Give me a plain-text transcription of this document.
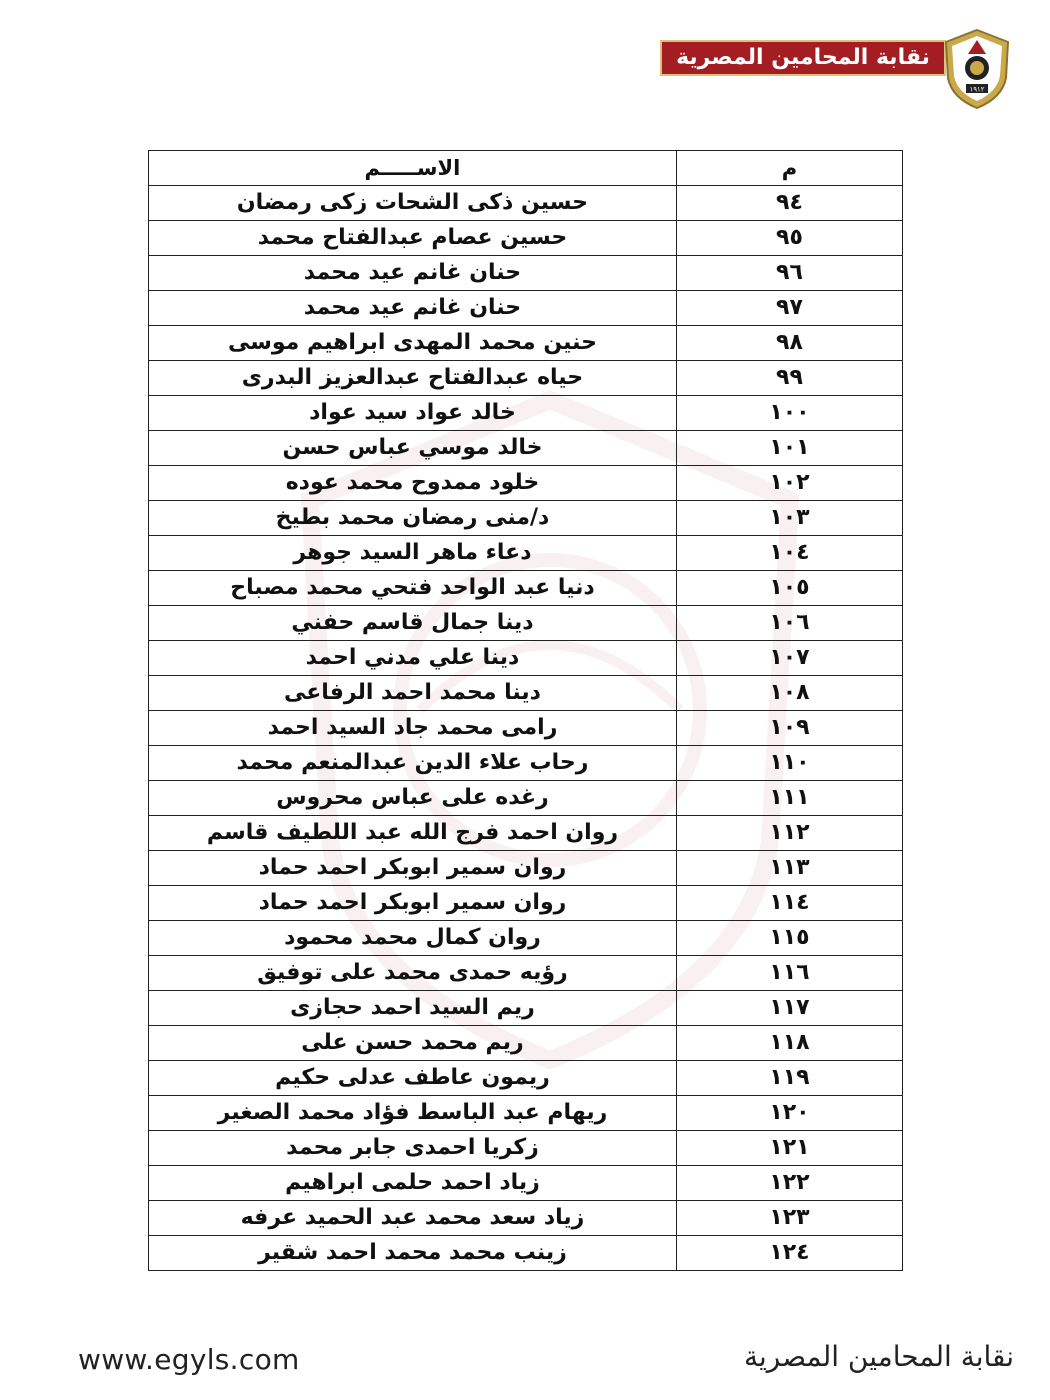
نقابة المحامين المصرية
١٩١٢
م	الاســـــم
٩٤	حسين ذكى الشحات زكى رمضان
٩٥	حسين عصام عبدالفتاح محمد
٩٦	حنان غانم عيد محمد
٩٧	حنان غانم عيد محمد
٩٨	حنين محمد المهدى ابراهيم موسى
٩٩	حياه عبدالفتاح عبدالعزيز البدرى
١٠٠	خالد عواد سيد عواد
١٠١	خالد موسي عباس حسن
١٠٢	خلود ممدوح محمد عوده
١٠٣	د/منى رمضان محمد بطيخ
١٠٤	دعاء ماهر السيد جوهر
١٠٥	دنيا عبد الواحد فتحي محمد مصباح
١٠٦	دينا جمال قاسم حفني
١٠٧	دينا علي مدني احمد
١٠٨	دينا محمد احمد الرفاعى
١٠٩	رامى محمد جاد السيد احمد
١١٠	رحاب علاء الدين عبدالمنعم محمد
١١١	رغده على عباس محروس
١١٢	روان احمد فرج الله عبد اللطيف قاسم
١١٣	روان سمير ابوبكر احمد حماد
١١٤	روان سمير ابوبكر احمد حماد
١١٥	روان كمال محمد محمود
١١٦	رؤيه حمدى محمد على توفيق
١١٧	ريم السيد احمد حجازى
١١٨	ريم محمد حسن على
١١٩	ريمون عاطف عدلى حكيم
١٢٠	ريهام عبد الباسط فؤاد محمد الصغير
١٢١	زكريا احمدى جابر محمد
١٢٢	زياد احمد حلمى ابراهيم
١٢٣	زياد سعد محمد عبد الحميد عرفه
١٢٤	زينب محمد محمد احمد شقير
www.egyls.com	نقابة المحامين المصرية
